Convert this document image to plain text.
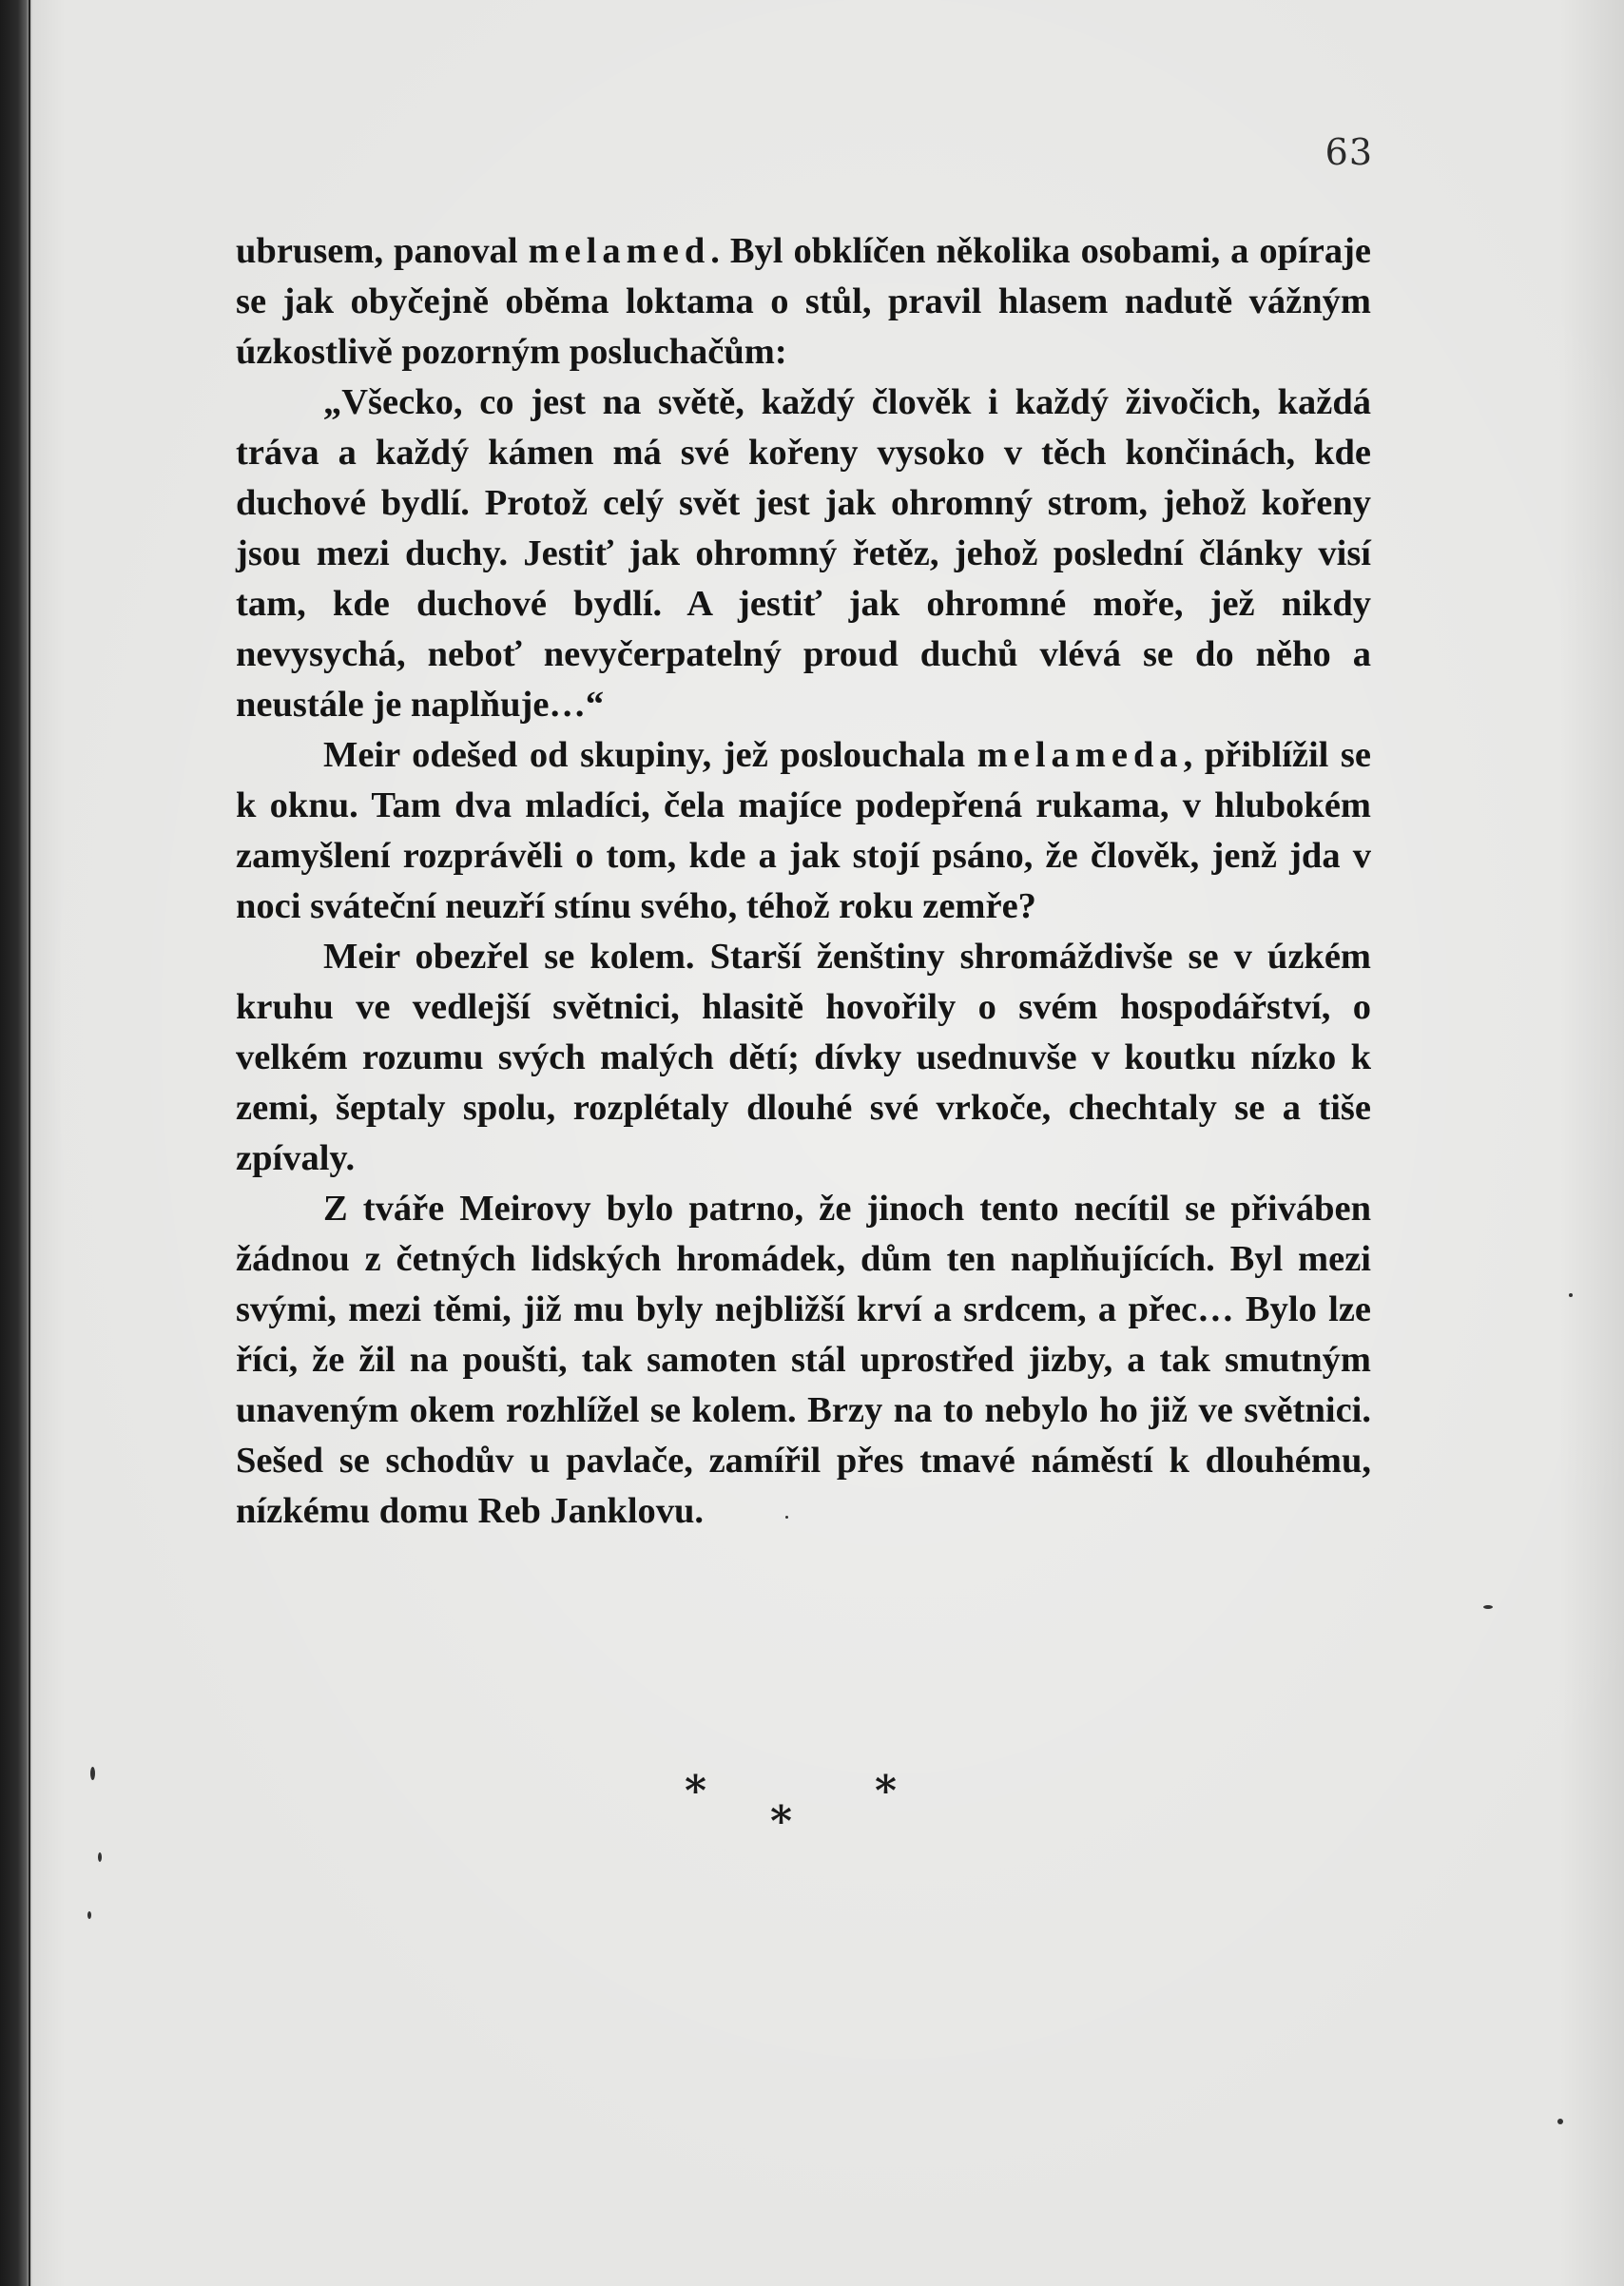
63

ubrusem, panoval melamed. Byl obklíčen několika osobami, a opíraje se jak obyčejně oběma loktama o stůl, pravil hlasem nadutě vážným úzkostlivě pozorným posluchačům:

„Všecko, co jest na světě, každý člověk i každý živočich, každá tráva a každý kámen má své kořeny vysoko v těch končinách, kde duchové bydlí. Protož celý svět jest jak ohromný strom, jehož kořeny jsou mezi duchy. Jestiť jak ohromný řetěz, jehož poslední články visí tam, kde duchové bydlí. A jestiť jak ohromné moře, jež nikdy nevysychá, neboť nevyčerpatelný proud duchů vlévá se do něho a neustále je naplňuje…“

Meir odešed od skupiny, jež poslouchala melameda, přiblížil se k oknu. Tam dva mladíci, čela majíce podepřená rukama, v hlubokém zamyšlení rozprávěli o tom, kde a jak stojí psáno, že člověk, jenž jda v noci sváteční neuzří stínu svého, téhož roku zemře?

Meir obezřel se kolem. Starší ženštiny shromáždivše se v úzkém kruhu ve vedlejší světnici, hlasitě hovořily o svém hospodářství, o velkém rozumu svých malých dětí; dívky usednuvše v koutku nízko k zemi, šeptaly spolu, rozplétaly dlouhé své vrkoče, chechtaly se a tiše zpívaly.

Z tváře Meirovy bylo patrno, že jinoch tento necítil se přiváben žádnou z četných lidských hromádek, dům ten naplňujících. Byl mezi svými, mezi těmi, již mu byly nejbližší krví a srdcem, a přec… Bylo lze říci, že žil na poušti, tak samoten stál uprostřed jizby, a tak smutným unaveným okem rozhlížel se kolem. Brzy na to nebylo ho již ve světnici. Sešed se schodův u pavlače, zamířil přes tmavé náměstí k dlouhému, nízkému domu Reb Janklovu.

*
*
*
